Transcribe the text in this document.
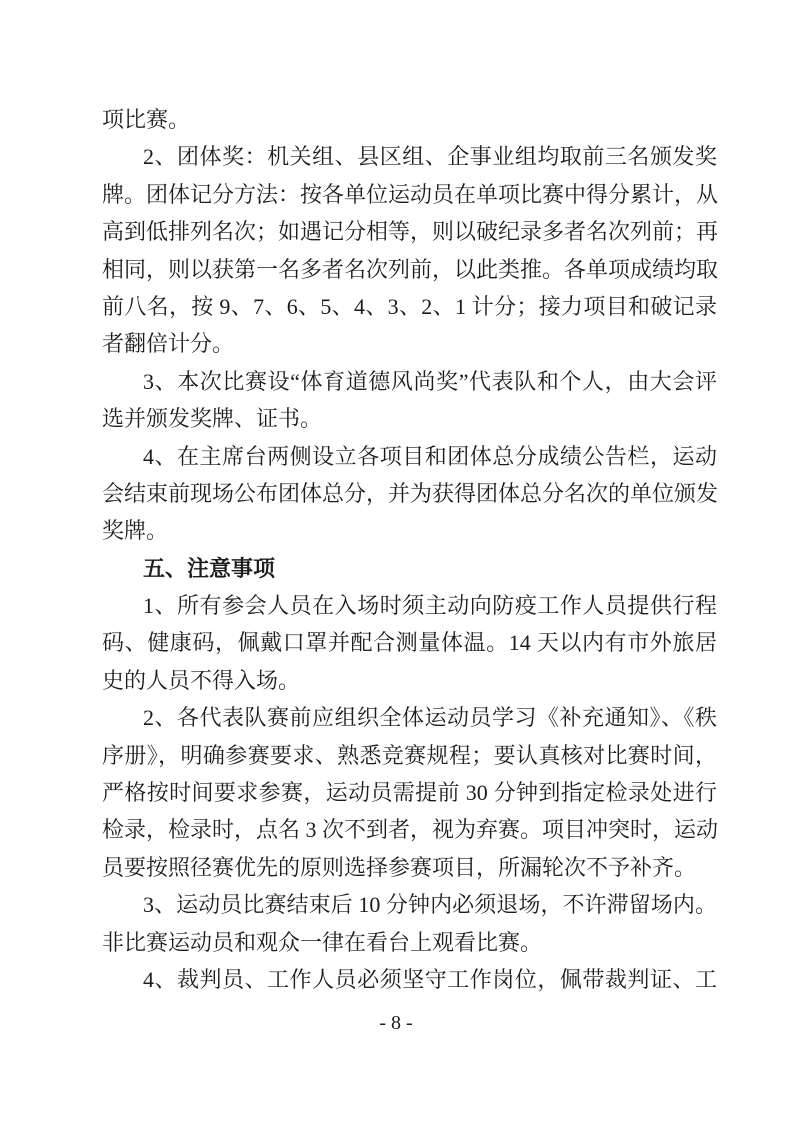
项比赛。
2、团体奖：机关组、县区组、企事业组均取前三名颁发奖
牌。团体记分方法：按各单位运动员在单项比赛中得分累计，从
高到低排列名次；如遇记分相等，则以破纪录多者名次列前；再
相同，则以获第一名多者名次列前，以此类推。各单项成绩均取
前八名，按 9、7、6、5、4、3、2、1 计分；接力项目和破记录
者翻倍计分。
3、本次比赛设“体育道德风尚奖”代表队和个人，由大会评
选并颁发奖牌、证书。
4、在主席台两侧设立各项目和团体总分成绩公告栏，运动
会结束前现场公布团体总分，并为获得团体总分名次的单位颁发
奖牌。
五、注意事项
1、所有参会人员在入场时须主动向防疫工作人员提供行程
码、健康码，佩戴口罩并配合测量体温。14 天以内有市外旅居
史的人员不得入场。
2、各代表队赛前应组织全体运动员学习《补充通知》、《秩
序册》，明确参赛要求、熟悉竞赛规程；要认真核对比赛时间，
严格按时间要求参赛，运动员需提前 30 分钟到指定检录处进行
检录，检录时，点名 3 次不到者，视为弃赛。项目冲突时，运动
员要按照径赛优先的原则选择参赛项目，所漏轮次不予补齐。
3、运动员比赛结束后 10 分钟内必须退场，不许滞留场内。
非比赛运动员和观众一律在看台上观看比赛。
4、裁判员、工作人员必须坚守工作岗位，佩带裁判证、工
- 8 -
